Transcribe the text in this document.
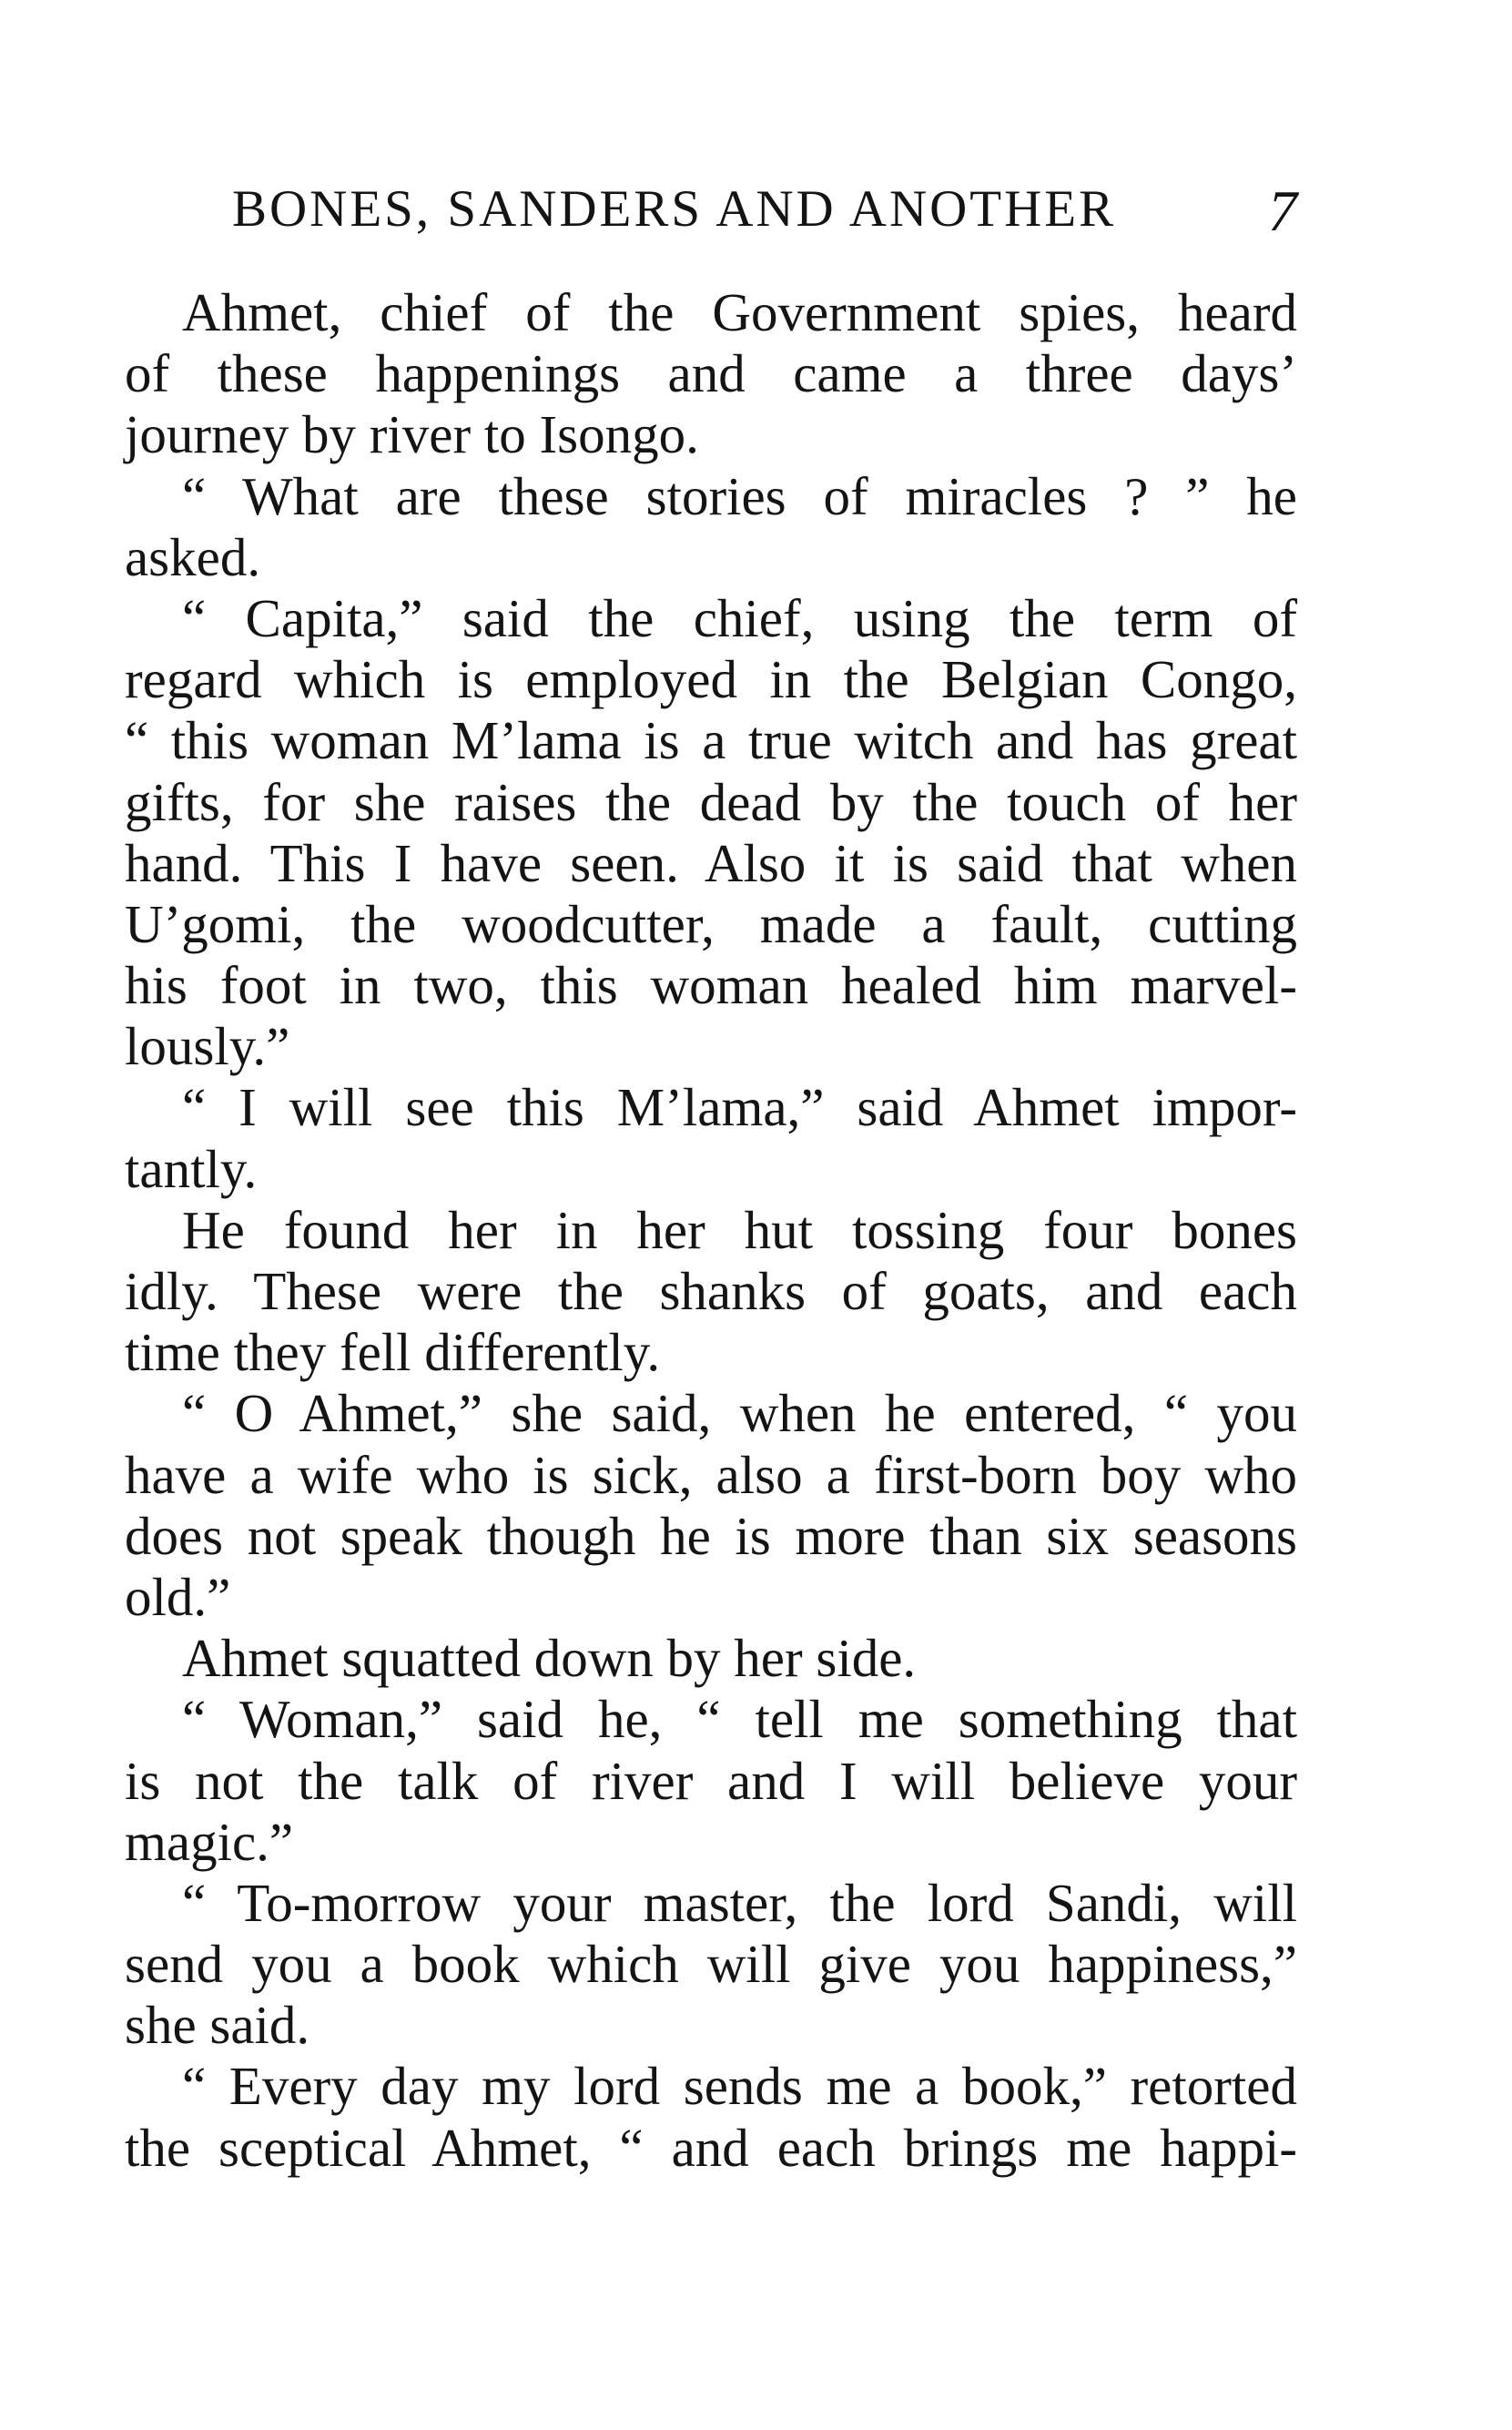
BONES, SANDERS AND ANOTHER	7
Ahmet, chief of the Government spies, heard
of these happenings and came a three days’
journey by river to Isongo.
“ What are these stories of miracles ? ” he
asked.
“ Capita,” said the chief, using the term of
regard which is employed in the Belgian Congo,
“ this woman M’lama is a true witch and has great
gifts, for she raises the dead by the touch of her
hand. This I have seen. Also it is said that when
U’gomi, the woodcutter, made a fault, cutting
his foot in two, this woman healed him marvel-
lously.”
“ I will see this M’lama,” said Ahmet impor-
tantly.
He found her in her hut tossing four bones
idly. These were the shanks of goats, and each
time they fell differently.
“ O Ahmet,” she said, when he entered, “ you
have a wife who is sick, also a first-born boy who
does not speak though he is more than six seasons
old.”
Ahmet squatted down by her side.
“ Woman,” said he, “ tell me something that
is not the talk of river and I will believe your
magic.”
“ To-morrow your master, the lord Sandi, will
send you a book which will give you happiness,”
she said.
“ Every day my lord sends me a book,” retorted
the sceptical Ahmet, “ and each brings me happi-
